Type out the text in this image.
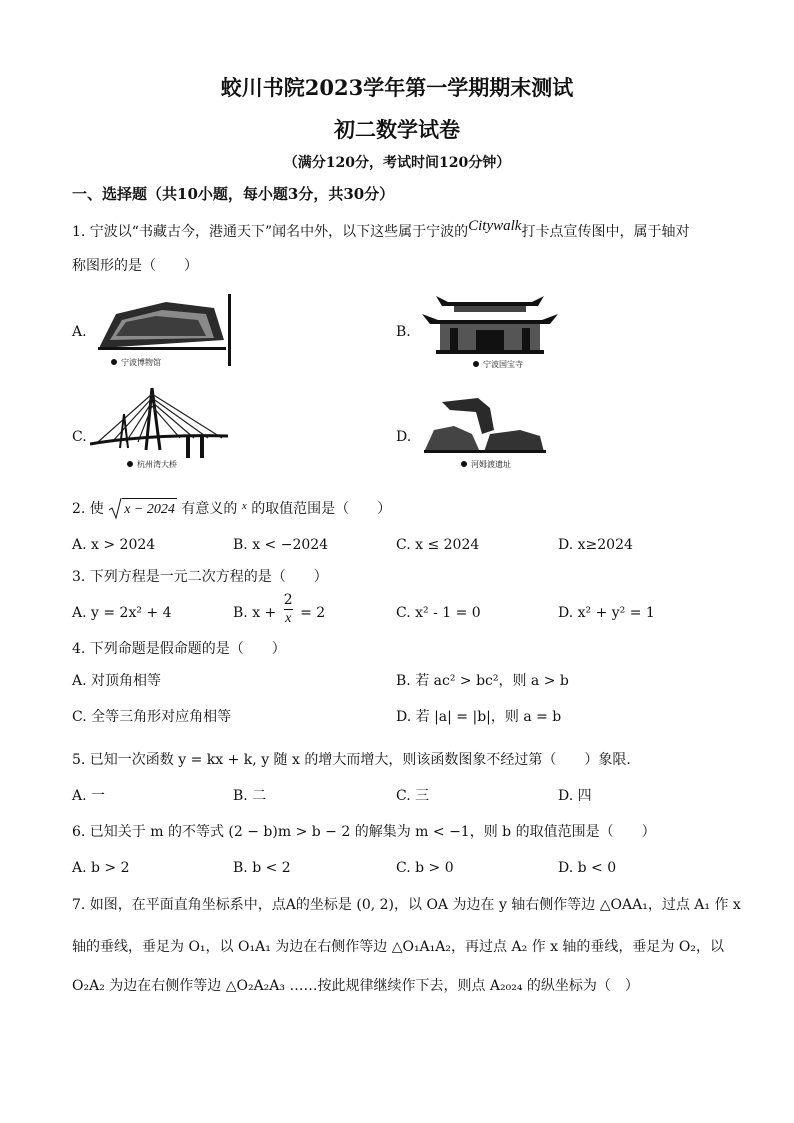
蛟川书院2023学年第一学期期末测试
初二数学试卷
（满分120分，考试时间120分钟）
一、选择题（共10小题，每小题3分，共30分）
1. 宁波以“书藏古今，港通天下”闻名中外，以下这些属于宁波的Citywalk打卡点宣传图中，属于轴对
称图形的是（　　）
A.	B.
C.	D.
宁波博物馆	宁波国宝寺
杭州湾大桥	河姆渡遗址
2. 使 x − 2024 有意义的 $^x$ 的取值范围是（　　）
A. x > 2024	B. x < −2024	C. x ≤ 2024	D. x≥2024
3. 下列方程是一元二次方程的是（　　）
A. y = 2x² + 4	B. $x + \frac{2}{x} = 2$	C. x² - 1 = 0	D. x² + y² = 1
4. 下列命题是假命题的是（　　）
A. 对顶角相等	B. 若 ac² > bc²，则 a > b
C. 全等三角形对应角相等	D. 若 |a| = |b|，则 a = b
5. 已知一次函数 y = kx + k, y 随 x 的增大而增大，则该函数图象不经过第（　　）象限．
A. 一	B. 二	C. 三	D. 四
6. 已知关于 m 的不等式 (2 − b)m > b − 2 的解集为 m < −1，则 b 的取值范围是（　　）
A. b > 2	B. b < 2	C. b > 0	D. b < 0
7. 如图，在平面直角坐标系中，点A的坐标是 (0, 2)，以 OA 为边在 y 轴右侧作等边 △OAA₁，过点 A₁ 作 x
轴的垂线，垂足为 O₁，以 O₁A₁ 为边在右侧作等边 △O₁A₁A₂，再过点 A₂ 作 x 轴的垂线，垂足为 O₂，以
O₂A₂ 为边在右侧作等边 △O₂A₂A₃ ……按此规律继续作下去，则点 A₂₀₂₄ 的纵坐标为（　）
